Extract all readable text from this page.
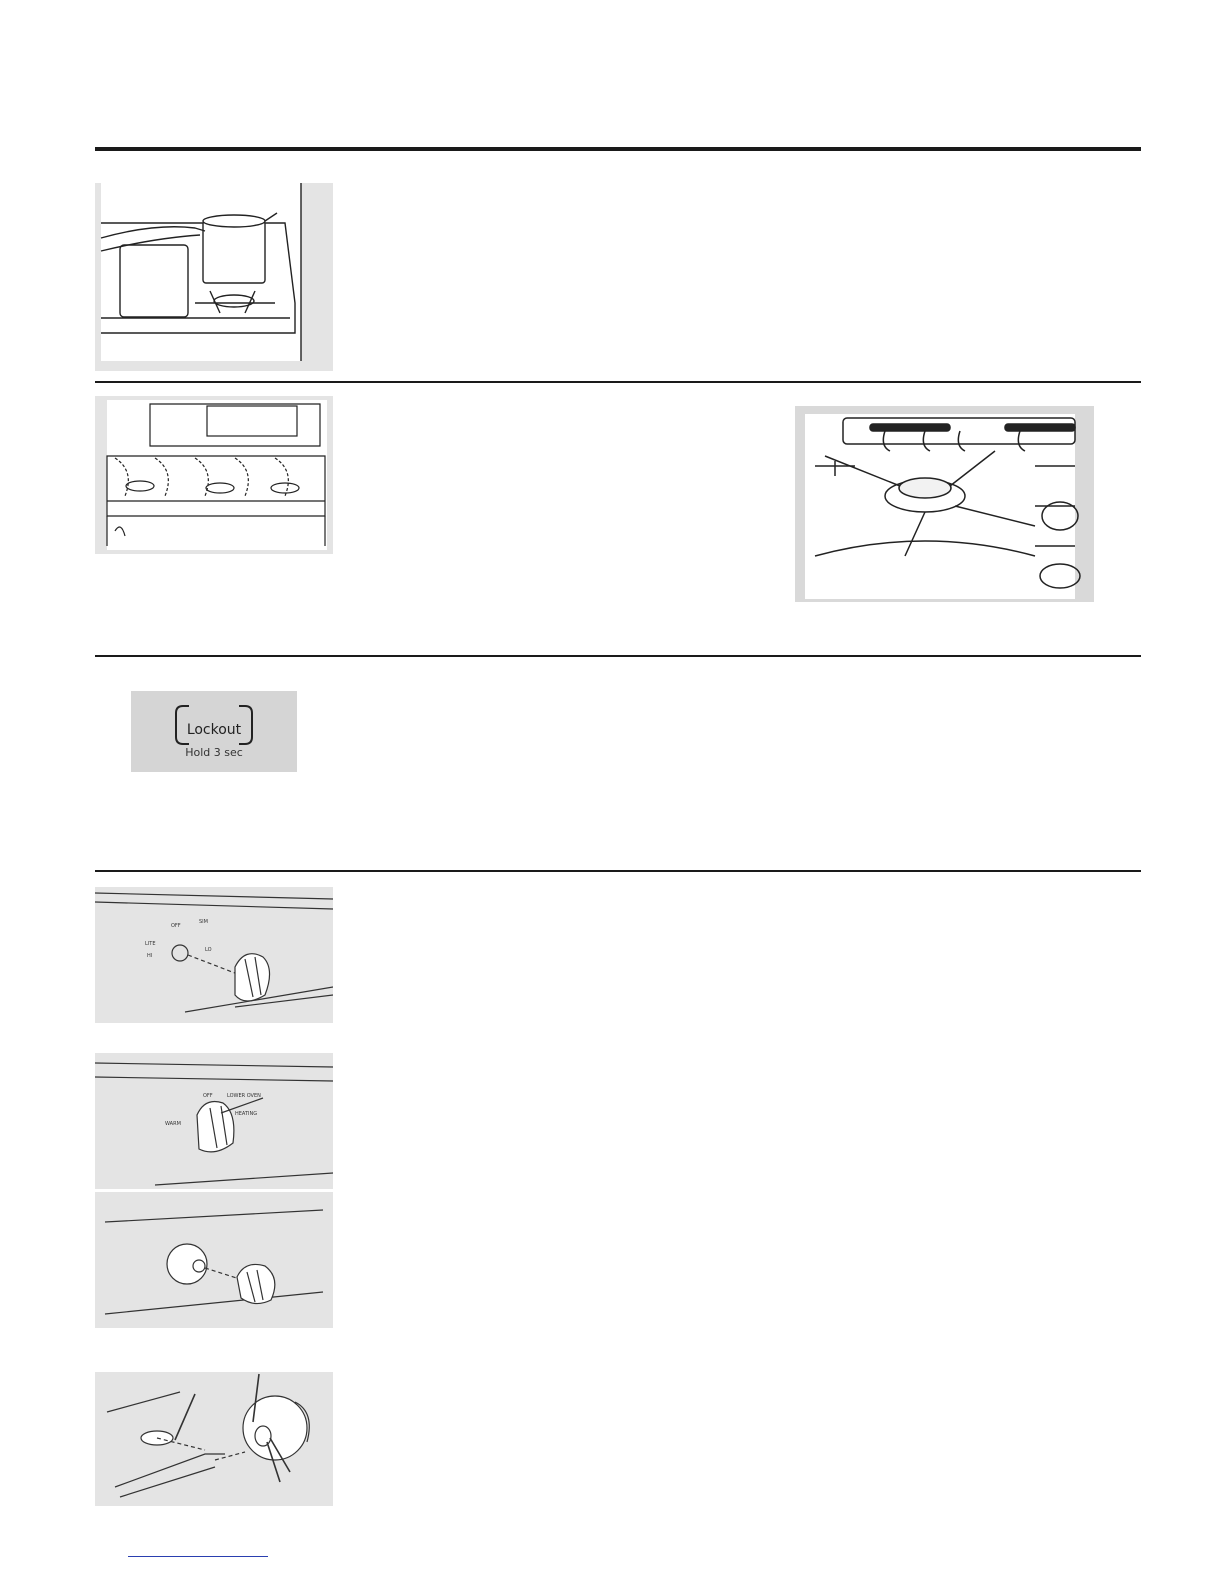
Lockout
Hold 3 sec
LITE
HI
OFF
LO
SIM
OFF	LOWER OVEN
HEATING
WARM
